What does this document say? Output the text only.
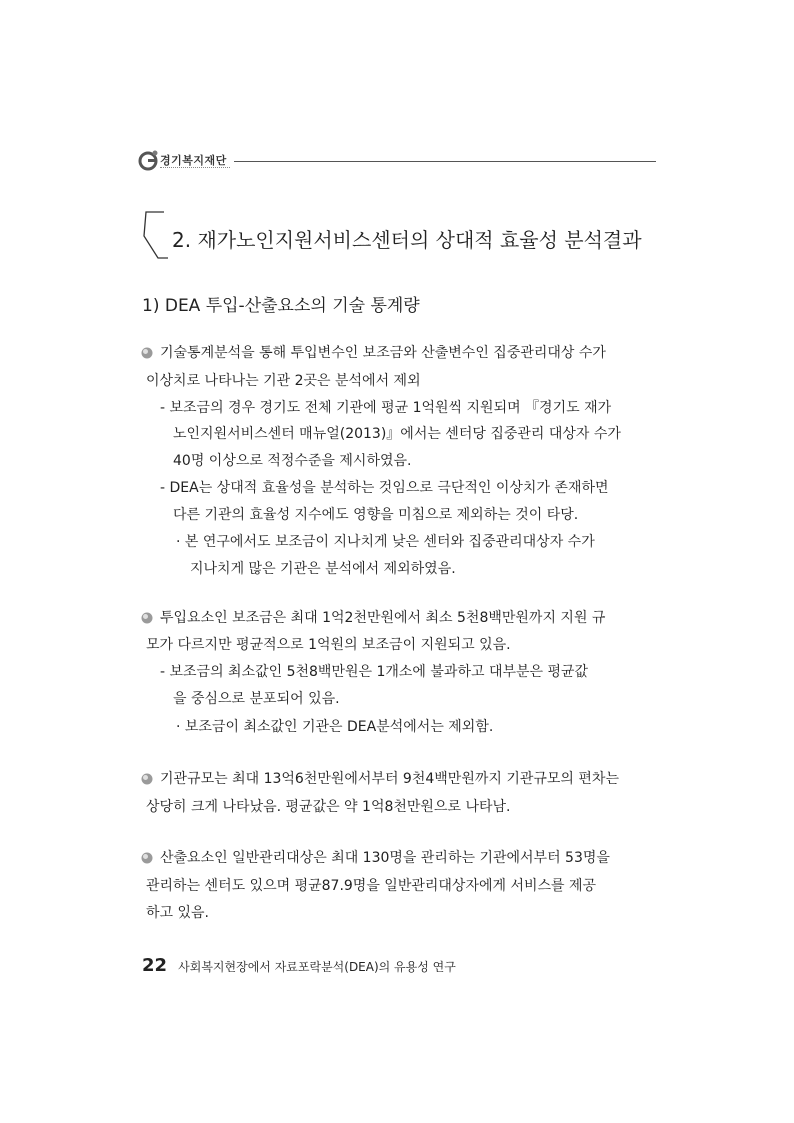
경기복지재단
2. 재가노인지원서비스센터의 상대적 효율성 분석결과
1) DEA 투입-산출요소의 기술 통계량
기술통계분석을 통해 투입변수인 보조금와 산출변수인 집중관리대상 수가
이상치로 나타나는 기관 2곳은 분석에서 제외
- 보조금의 경우 경기도 전체 기관에 평균 1억원씩 지원되며 『경기도 재가
노인지원서비스센터 매뉴얼(2013)』에서는 센터당 집중관리 대상자 수가
40명 이상으로 적정수준을 제시하였음.
- DEA는 상대적 효율성을 분석하는 것임으로 극단적인 이상치가 존재하면
다른 기관의 효율성 지수에도 영향을 미침으로 제외하는 것이 타당.
· 본 연구에서도 보조금이 지나치게 낮은 센터와 집중관리대상자 수가
지나치게 많은 기관은 분석에서 제외하였음.
투입요소인 보조금은 최대 1억2천만원에서 최소 5천8백만원까지 지원 규
모가 다르지만 평균적으로 1억원의 보조금이 지원되고 있음.
- 보조금의 최소값인 5천8백만원은 1개소에 불과하고 대부분은 평균값
을 중심으로 분포되어 있음.
· 보조금이 최소값인 기관은 DEA분석에서는 제외함.
기관규모는 최대 13억6천만원에서부터 9천4백만원까지 기관규모의 편차는
상당히 크게 나타났음. 평균값은 약 1억8천만원으로 나타남.
산출요소인 일반관리대상은 최대 130명을 관리하는 기관에서부터 53명을
관리하는 센터도 있으며 평균87.9명을 일반관리대상자에게 서비스를 제공
하고 있음.
22 사회복지현장에서 자료포락분석(DEA)의 유용성 연구
